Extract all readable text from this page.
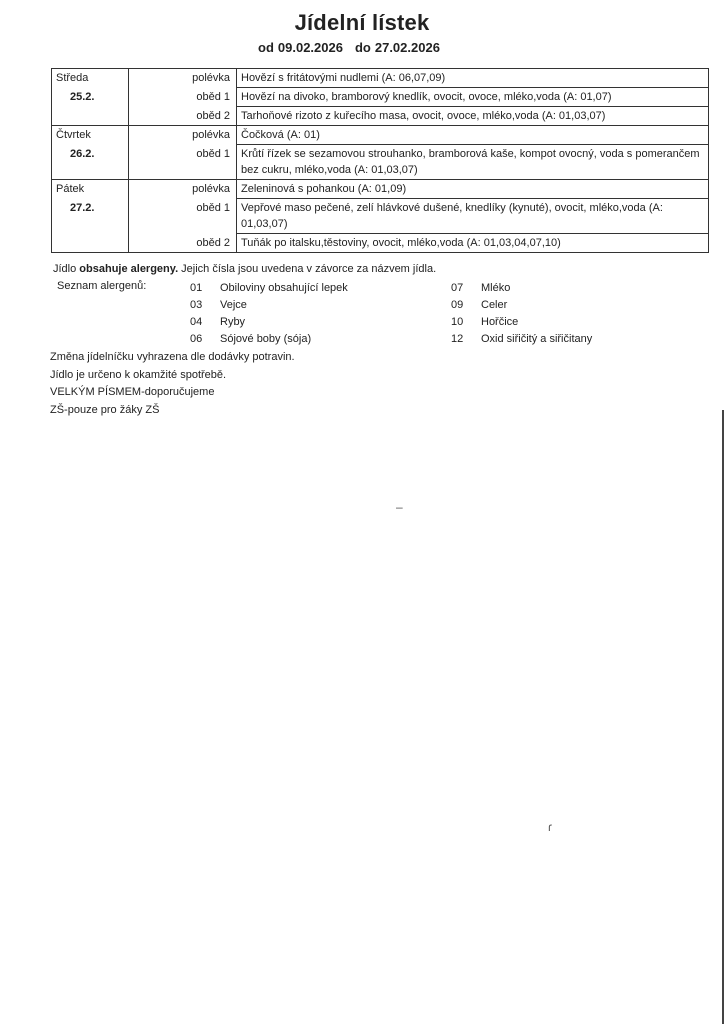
Jídelní lístek
od 09.02.2026 do 27.02.2026
Středa	polévka	Hovězí s fritátovými nudlemi (A: 06,07,09)

25.2.	oběd 1	Hovězí na divoko, bramborový knedlík, ovocit, ovoce, mléko,voda (A: 01,07)
	oběd 2	Tarhoňové rizoto z kuřecího masa, ovocit, ovoce, mléko,voda (A: 01,03,07)

Čtvrtek	polévka	Čočková (A: 01)

26.2.	oběd 1	Krůtí řízek se sezamovou strouhanko, bramborová kaše, kompot ovocný, voda s pomerančem bez cukru, mléko,voda (A: 01,03,07)

Pátek	polévka	Zeleninová s pohankou (A: 01,09)

27.2.	oběd 1	Vepřové maso pečené, zelí hlávkové dušené, knedlíky (kynuté), ovocit, mléko,voda (A: 01,03,07)
	oběd 2	Tuňák po italsku,těstoviny, ovocit, mléko,voda (A: 01,03,04,07,10)
Jídlo obsahuje alergeny. Jejich čísla jsou uvedena v závorce za názvem jídla.
Seznam alergenů:	01 Obiloviny obsahující lepek
03 Vejce
04 Ryby
06 Sójové boby (sója)
07 Mléko
09 Celer
10 Hořčice
12 Oxid siřičitý a siřičitany
Změna jídelníčku vyhrazena dle dodávky potravin.
Jídlo je určeno k okamžité spotřebě.
VELKÝM PÍSMEM-doporučujeme
ZŠ-pouze pro žáky ZŠ
‒
ɾ
